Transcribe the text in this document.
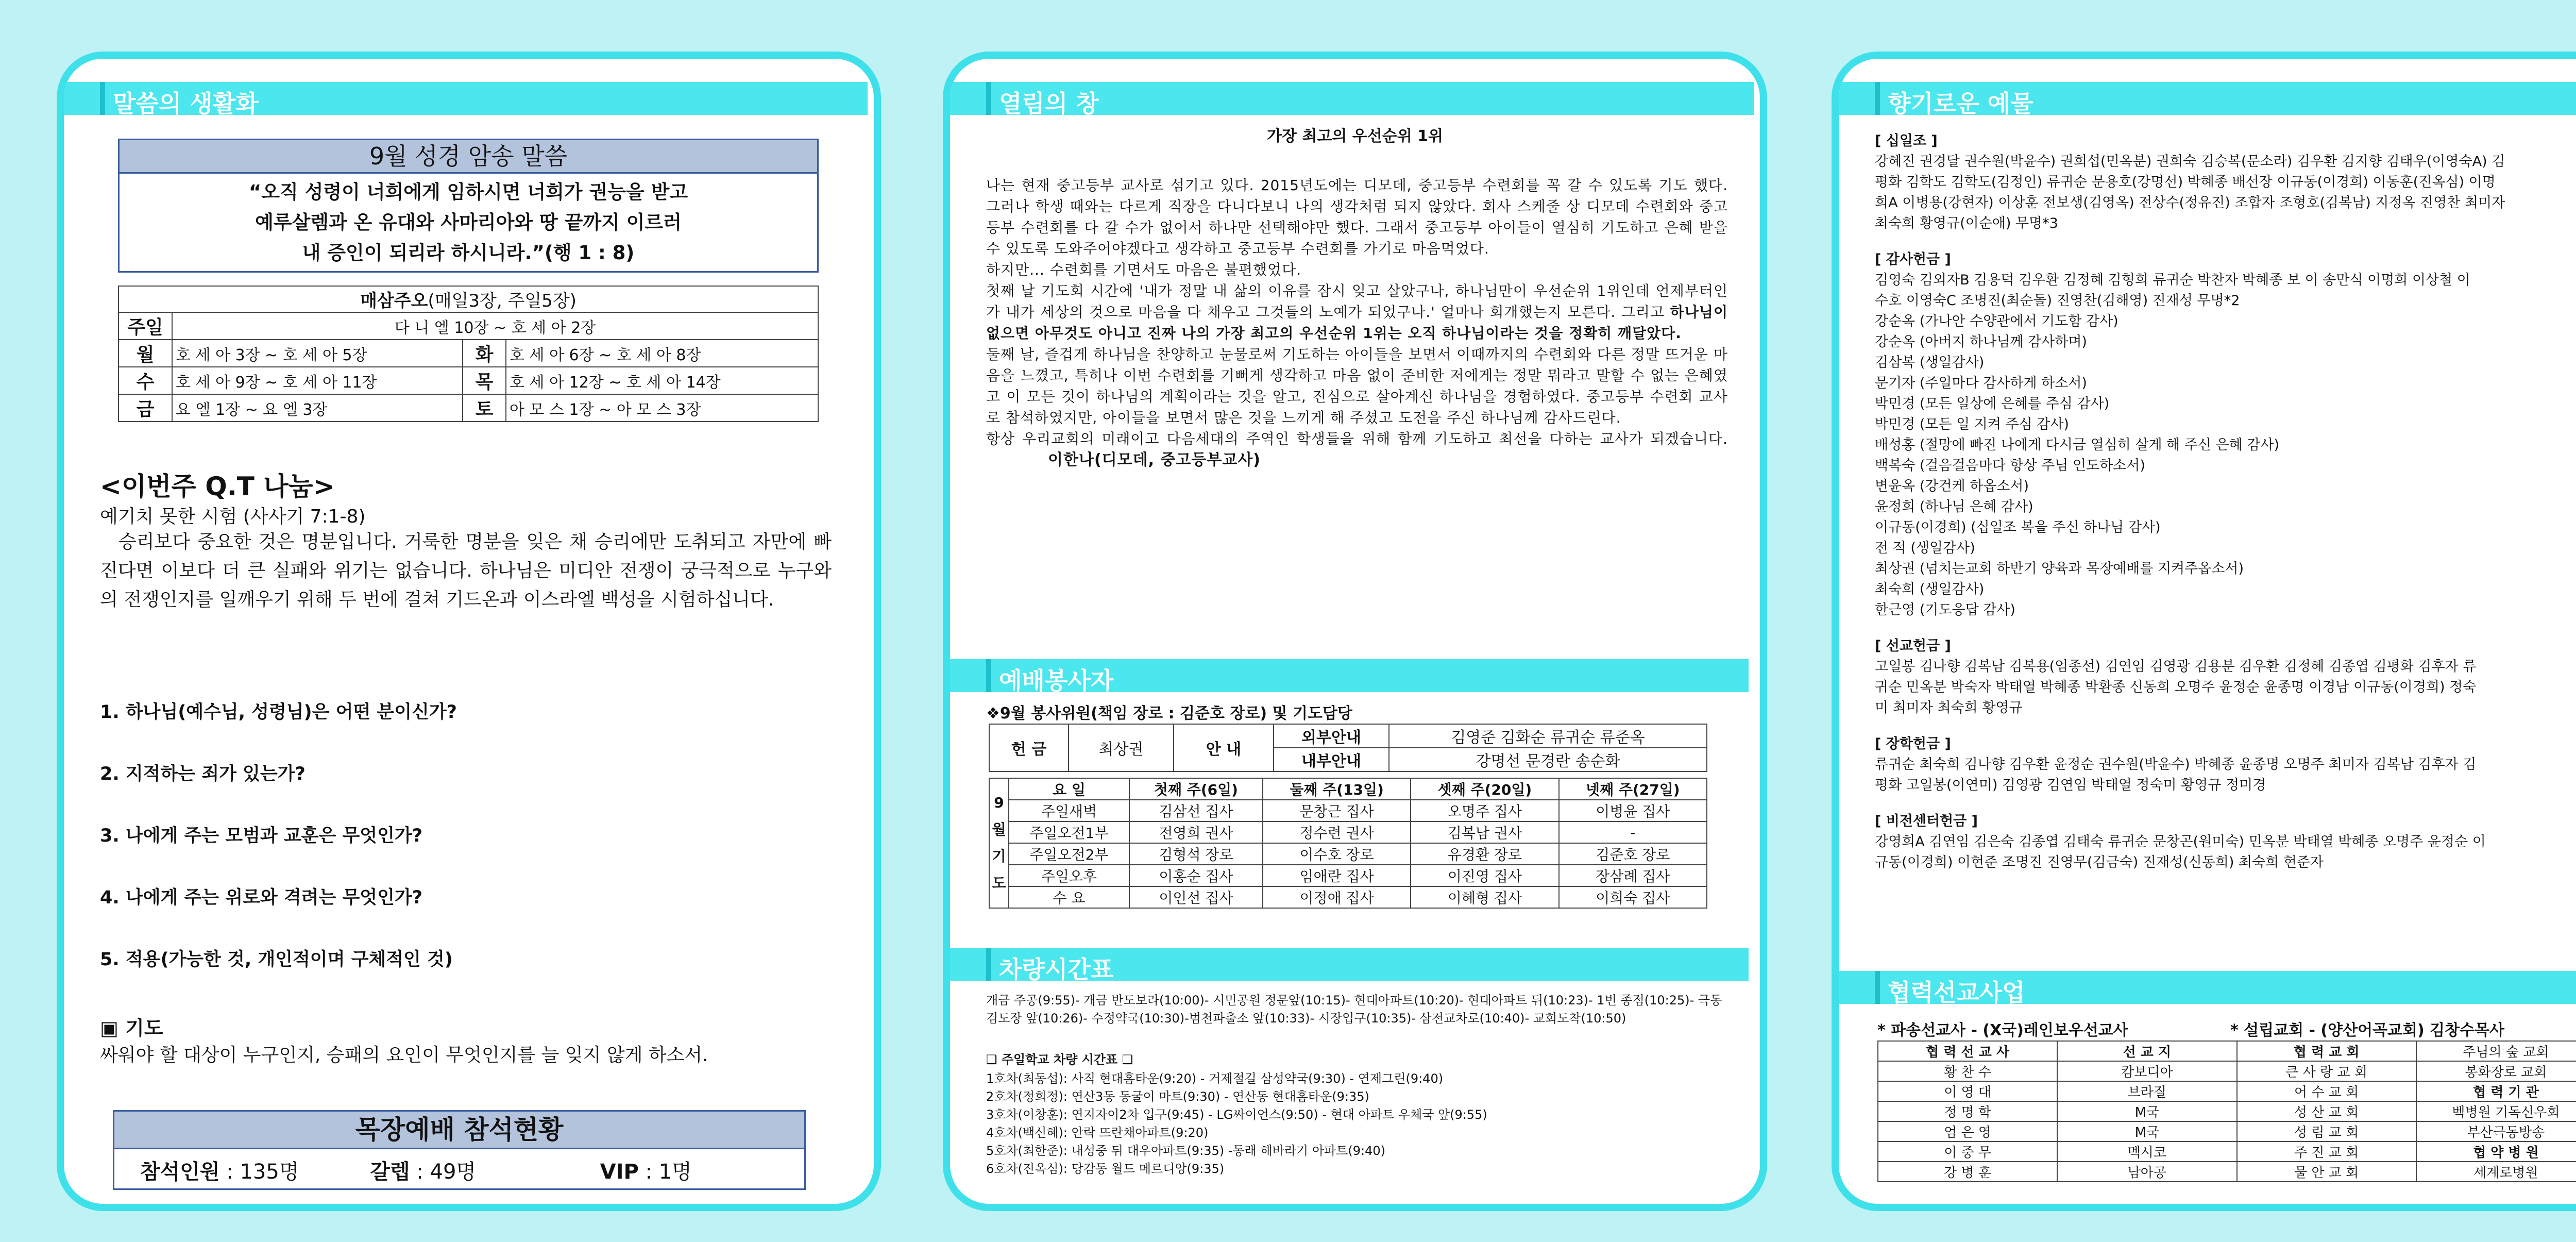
말씀의 생활화
9월 성경 암송 말씀
“오직 성령이 너희에게 임하시면 너희가 권능을 받고
예루살렘과 온 유대와 사마리아와 땅 끝까지 이르러
내 증인이 되리라 하시니라.”(행 1 : 8)
매삼주오(매일3장, 주일5장)			
주일	다 니 엘 10장 ~ 호 세 아 2장		
월	호 세 아 3장 ~ 호 세 아 5장	화	호 세 아 6장 ~ 호 세 아 8장
수	호 세 아 9장 ~ 호 세 아 11장	목	호 세 아 12장 ~ 호 세 아 14장
금	요 엘 1장 ~ 요 엘 3장	토	아 모 스 1장 ~ 아 모 스 3장
<이번주 Q.T 나눔>
예기치 못한 시험 (사사기 7:1-8)
승리보다 중요한 것은 명분입니다. 거룩한 명분을 잊은 채 승리에만 도취되고 자만에 빠진다면 이보다 더 큰 실패와 위기는 없습니다. 하나님은 미디안 전쟁이 궁극적으로 누구와의 전쟁인지를 일깨우기 위해 두 번에 걸쳐 기드온과 이스라엘 백성을 시험하십니다.
1. 하나님(예수님, 성령님)은 어떤 분이신가?
2. 지적하는 죄가 있는가?
3. 나에게 주는 모범과 교훈은 무엇인가?
4. 나에게 주는 위로와 격려는 무엇인가?
5. 적용(가능한 것, 개인적이며 구체적인 것)
▣ 기도
싸워야 할 대상이 누구인지, 승패의 요인이 무엇인지를 늘 잊지 않게 하소서.
목장예배 참석현황
참석인원 : 135명	갈렙 : 49명	VIP : 1명
열림의 창
가장 최고의 우선순위 1위
나는 현재 중고등부 교사로 섬기고 있다. 2015년도에는 디모데, 중고등부 수련회를 꼭 갈 수 있도록 기도 했다. 그러나 학생 때와는 다르게 직장을 다니다보니 나의 생각처럼 되지 않았다. 회사 스케줄 상 디모데 수련회와 중고등부 수련회를 다 갈 수가 없어서 하나만 선택해야만 했다. 그래서 중고등부 아이들이 열심히 기도하고 은혜 받을 수 있도록 도와주어야겠다고 생각하고 중고등부 수련회를 가기로 마음먹었다.
하지만... 수련회를 기면서도 마음은 불편했었다.
첫째 날 기도회 시간에 '내가 정말 내 삶의 이유를 잠시 잊고 살았구나, 하나님만이 우선순위 1위인데 언제부터인가 내가 세상의 것으로 마음을 다 채우고 그것들의 노예가 되었구나.' 얼마나 회개했는지 모른다. 그리고 하나님이 없으면 아무것도 아니고 진짜 나의 가장 최고의 우선순위 1위는 오직 하나님이라는 것을 정확히 깨달았다.
둘째 날, 즐겁게 하나님을 찬양하고 눈물로써 기도하는 아이들을 보면서 이때까지의 수련회와 다른 정말 뜨거운 마음을 느꼈고, 특히나 이번 수련회를 기뻐게 생각하고 마음 없이 준비한 저에게는 정말 뭐라고 말할 수 없는 은혜였고 이 모든 것이 하나님의 계획이라는 것을 알고, 진심으로 살아계신 하나님을 경험하였다. 중고등부 수련회 교사로 참석하였지만, 아이들을 보면서 많은 것을 느끼게 해 주셨고 도전을 주신 하나님께 감사드린다.
항상 우리교회의 미래이고 다음세대의 주역인 학생들을 위해 함께 기도하고 최선을 다하는 교사가 되겠습니다. 이한나(디모데, 중고등부교사)
예배봉사자
❖9월 봉사위원(책임 장로 : 김준호 장로) 및 기도담당
헌 금	최상권	안 내	외부안내	김영준 김화순 류귀순 류준옥
			내부안내	강명선 문경란 송순화
9
월
기
도	요 일	첫째 주(6일)	둘째 주(13일)	셋째 주(20일)	넷째 주(27일)
	주일새벽	김삼선 집사	문창근 집사	오명주 집사	이병윤 집사
	주일오전1부	전영희 권사	정수련 권사	김복남 권사	-
	주일오전2부	김형석 장로	이수호 장로	유경환 장로	김준호 장로
	주일오후	이홍순 집사	임애란 집사	이진영 집사	장삼례 집사
	수 요	이인선 집사	이정애 집사	이혜형 집사	이희숙 집사
차량시간표
개금 주공(9:55)- 개금 반도보라(10:00)- 시민공원 정문앞(10:15)- 현대아파트(10:20)- 현대아파트 뒤(10:23)- 1번 종점(10:25)- 극동검도장 앞(10:26)- 수정약국(10:30)-범천파출소 앞(10:33)- 시장입구(10:35)- 삼전교차로(10:40)- 교회도착(10:50)
❏ 주일학교 차량 시간표 ❏
1호차(최동섭): 사직 현대홈타운(9:20) - 거제절길 삼성약국(9:30) - 연제그린(9:40)
2호차(정희정): 연산3동 동굴이 마트(9:30) - 연산동 현대홈타운(9:35)
3호차(이창훈): 연지자이2차 입구(9:45) - LG싸이언스(9:50) - 현대 아파트 우체국 앞(9:55)
4호차(백신혜): 안락 뜨란채아파트(9:20)
5호차(최한준): 내성중 뒤 대우아파트(9:35) -동래 해바라기 아파트(9:40)
6호차(진옥심): 당감동 월드 메르디앙(9:35)
향기로운 예물
[ 십일조 ]
강혜진 권경달 권수원(박윤수) 권희섭(민옥분) 권희숙 김승복(문소라) 김우환 김지향 김태우(이영숙A) 김
평화 김학도 김학도(김정인) 류귀순 문용호(강명선) 박혜종 배선장 이규동(이경희) 이동훈(진옥심) 이명
희A 이병용(강현자) 이상훈 전보생(김영옥) 전상수(정유진) 조합자 조형호(김복남) 지정옥 진영찬 최미자
최숙희 황영규(이순애) 무명*3
[ 감사헌금 ]
김영숙 김외자B 김용덕 김우환 김정혜 김형희 류귀순 박찬자 박혜종 보 이 송만식 이명희 이상철 이
수호 이영숙C 조명진(최순돌) 진영찬(김해영) 진재성 무명*2
강순옥 (가나안 수양관에서 기도함 감사)
강순옥 (아버지 하나님께 감사하며)
김삼복 (생일감사)
문기자 (주일마다 감사하게 하소서)
박민경 (모든 일상에 은혜를 주심 감사)
박민경 (모든 일 지켜 주심 감사)
배성홍 (절망에 빠진 나에게 다시금 열심히 살게 해 주신 은혜 감사)
백복숙 (걸음걸음마다 항상 주님 인도하소서)
변윤옥 (강건케 하옵소서)
윤정희 (하나님 은혜 감사)
이규동(이경희) (십일조 복을 주신 하나님 감사)
전 적 (생일감사)
최상권 (넘치는교회 하반기 양육과 목장예배를 지켜주옵소서)
최숙희 (생일감사)
한근영 (기도응답 감사)
[ 선교헌금 ]
고일봉 김나향 김복남 김복용(엄종선) 김연임 김영광 김용분 김우환 김정혜 김종엽 김평화 김후자 류
귀순 민옥분 박숙자 박태열 박혜종 박환종 신동희 오명주 윤정순 윤종명 이경남 이규동(이경희) 정숙
미 최미자 최숙희 황영규
[ 장학헌금 ]
류귀순 최숙희 김나향 김우환 윤정순 권수원(박윤수) 박혜종 윤종명 오명주 최미자 김복남 김후자 김
평화 고일봉(이연미) 김영광 김연임 박태열 정숙미 황영규 정미경
[ 비전센터헌금 ]
강영희A 김연임 김은숙 김종엽 김태숙 류귀순 문창곤(원미숙) 민옥분 박태열 박혜종 오명주 윤정순 이
규동(이경희) 이현준 조명진 진영무(김금숙) 진재성(신동희) 최숙희 현준자
협력선교사업
* 파송선교사 - (X국)레인보우선교사	* 설립교회 - (양산어곡교회) 김창수목사
협 력 선 교 사	선 교 지	협 력 교 회	주님의 숲 교회
황 찬 수	캄보디아	큰 사 랑 교 회	봉화장로 교회
이 영 대	브라질	어 수 교 회	협 력 기 관
정 명 학	M국	성 산 교 회	벡병원 기독신우회
엄 은 영	M국	성 림 교 회	부산극동방송
이 중 무	멕시코	주 진 교 회	협 약 병 원
강 병 훈	남아공	물 안 교 회	세계로병원
